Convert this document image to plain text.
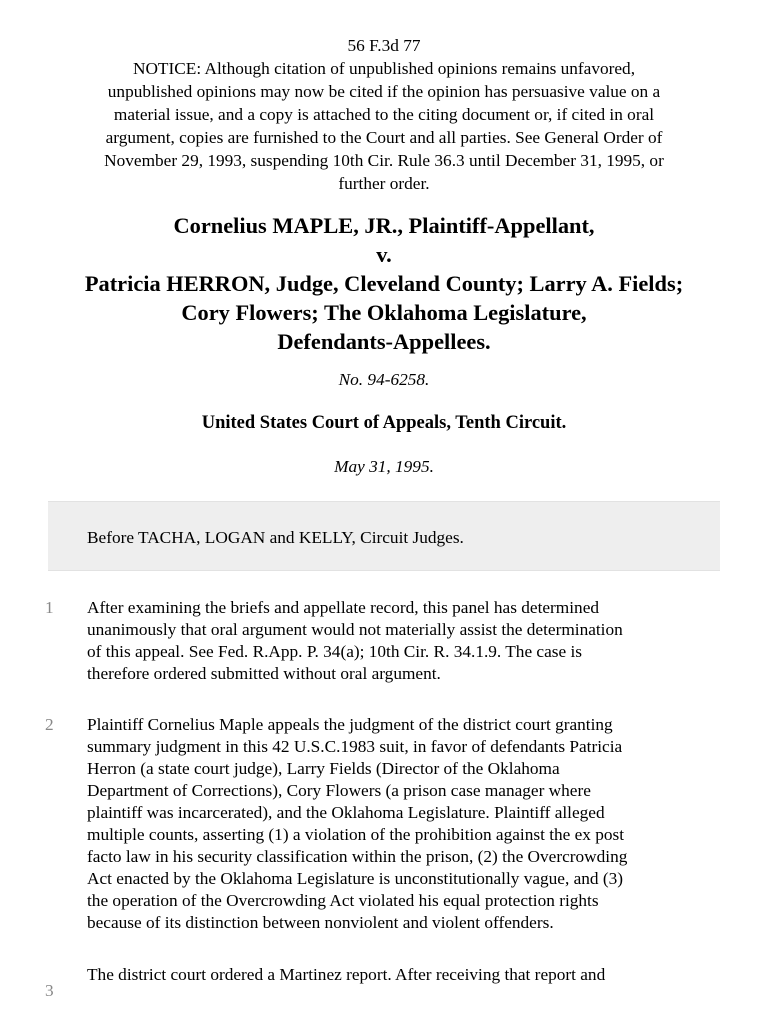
56 F.3d 77
NOTICE: Although citation of unpublished opinions remains unfavored,
unpublished opinions may now be cited if the opinion has persuasive value on a
material issue, and a copy is attached to the citing document or, if cited in oral
argument, copies are furnished to the Court and all parties. See General Order of
November 29, 1993, suspending 10th Cir. Rule 36.3 until December 31, 1995, or
further order.
Cornelius MAPLE, JR., Plaintiff-Appellant,
v.
Patricia HERRON, Judge, Cleveland County; Larry A. Fields;
Cory Flowers; The Oklahoma Legislature,
Defendants-Appellees.
No. 94-6258.
United States Court of Appeals, Tenth Circuit.
May 31, 1995.
Before TACHA, LOGAN and KELLY, Circuit Judges.
1 After examining the briefs and appellate record, this panel has determined
unanimously that oral argument would not materially assist the determination
of this appeal. See Fed. R.App. P. 34(a); 10th Cir. R. 34.1.9. The case is
therefore ordered submitted without oral argument.
2 Plaintiff Cornelius Maple appeals the judgment of the district court granting
summary judgment in this 42 U.S.C.1983 suit, in favor of defendants Patricia
Herron (a state court judge), Larry Fields (Director of the Oklahoma
Department of Corrections), Cory Flowers (a prison case manager where
plaintiff was incarcerated), and the Oklahoma Legislature. Plaintiff alleged
multiple counts, asserting (1) a violation of the prohibition against the ex post
facto law in his security classification within the prison, (2) the Overcrowding
Act enacted by the Oklahoma Legislature is unconstitutionally vague, and (3)
the operation of the Overcrowding Act violated his equal protection rights
because of its distinction between nonviolent and violent offenders.
3
The district court ordered a Martinez report. After receiving that report and
